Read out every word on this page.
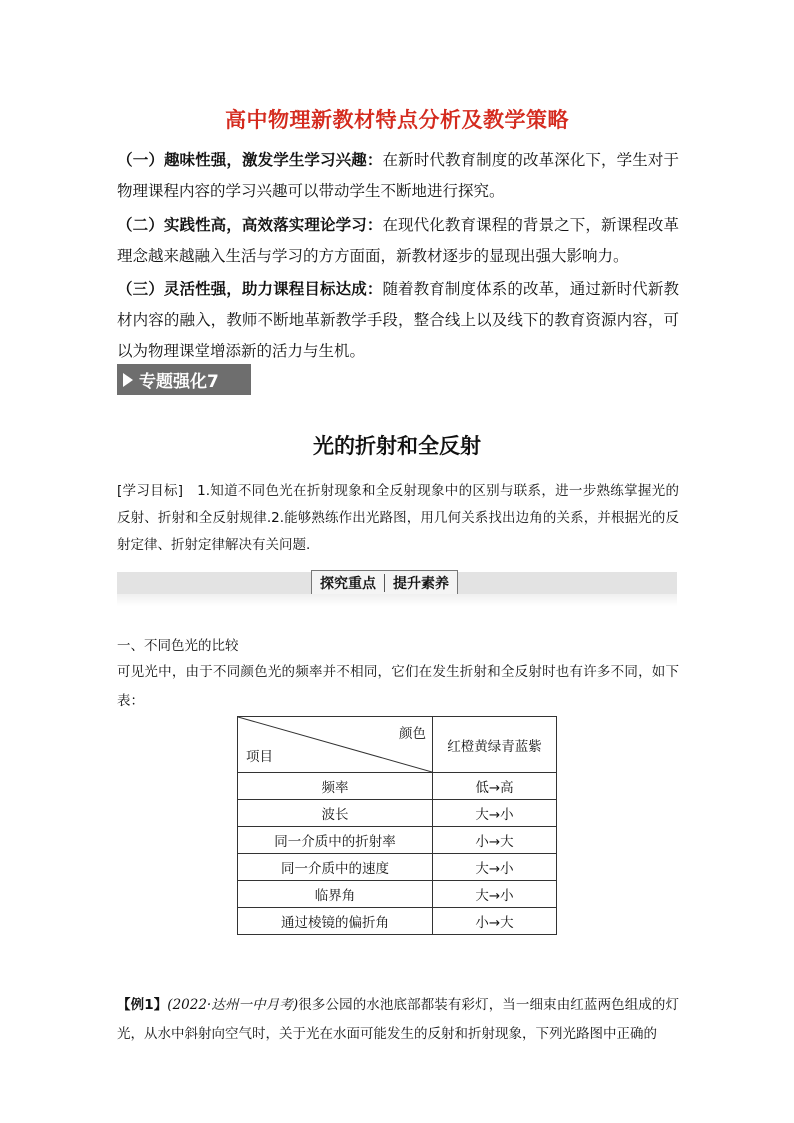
高中物理新教材特点分析及教学策略
（一）趣味性强，激发学生学习兴趣：在新时代教育制度的改革深化下，学生对于物理课程内容的学习兴趣可以带动学生不断地进行探究。
（二）实践性高，高效落实理论学习：在现代化教育课程的背景之下，新课程改革理念越来越融入生活与学习的方方面面，新教材逐步的显现出强大影响力。
（三）灵活性强，助力课程目标达成：随着教育制度体系的改革，通过新时代新教材内容的融入，教师不断地革新教学手段，整合线上以及线下的教育资源内容，可以为物理课堂增添新的活力与生机。
专题强化7
光的折射和全反射
[学习目标]　1.知道不同色光在折射现象和全反射现象中的区别与联系，进一步熟练掌握光的反射、折射和全反射规律.2.能够熟练作出光路图，用几何关系找出边角的关系，并根据光的反射定律、折射定律解决有关问题.
探究重点	提升素养
一、不同色光的比较
可见光中，由于不同颜色光的频率并不相同，它们在发生折射和全反射时也有许多不同，如下表：
颜色
项目	红橙黄绿青蓝紫
频率	低→高
波长	大→小
同一介质中的折射率	小→大
同一介质中的速度	大→小
临界角	大→小
通过棱镜的偏折角	小→大
【例1】(2022·达州一中月考)很多公园的水池底部都装有彩灯，当一细束由红蓝两色组成的灯光，从水中斜射向空气时，关于光在水面可能发生的反射和折射现象，下列光路图中正确的
